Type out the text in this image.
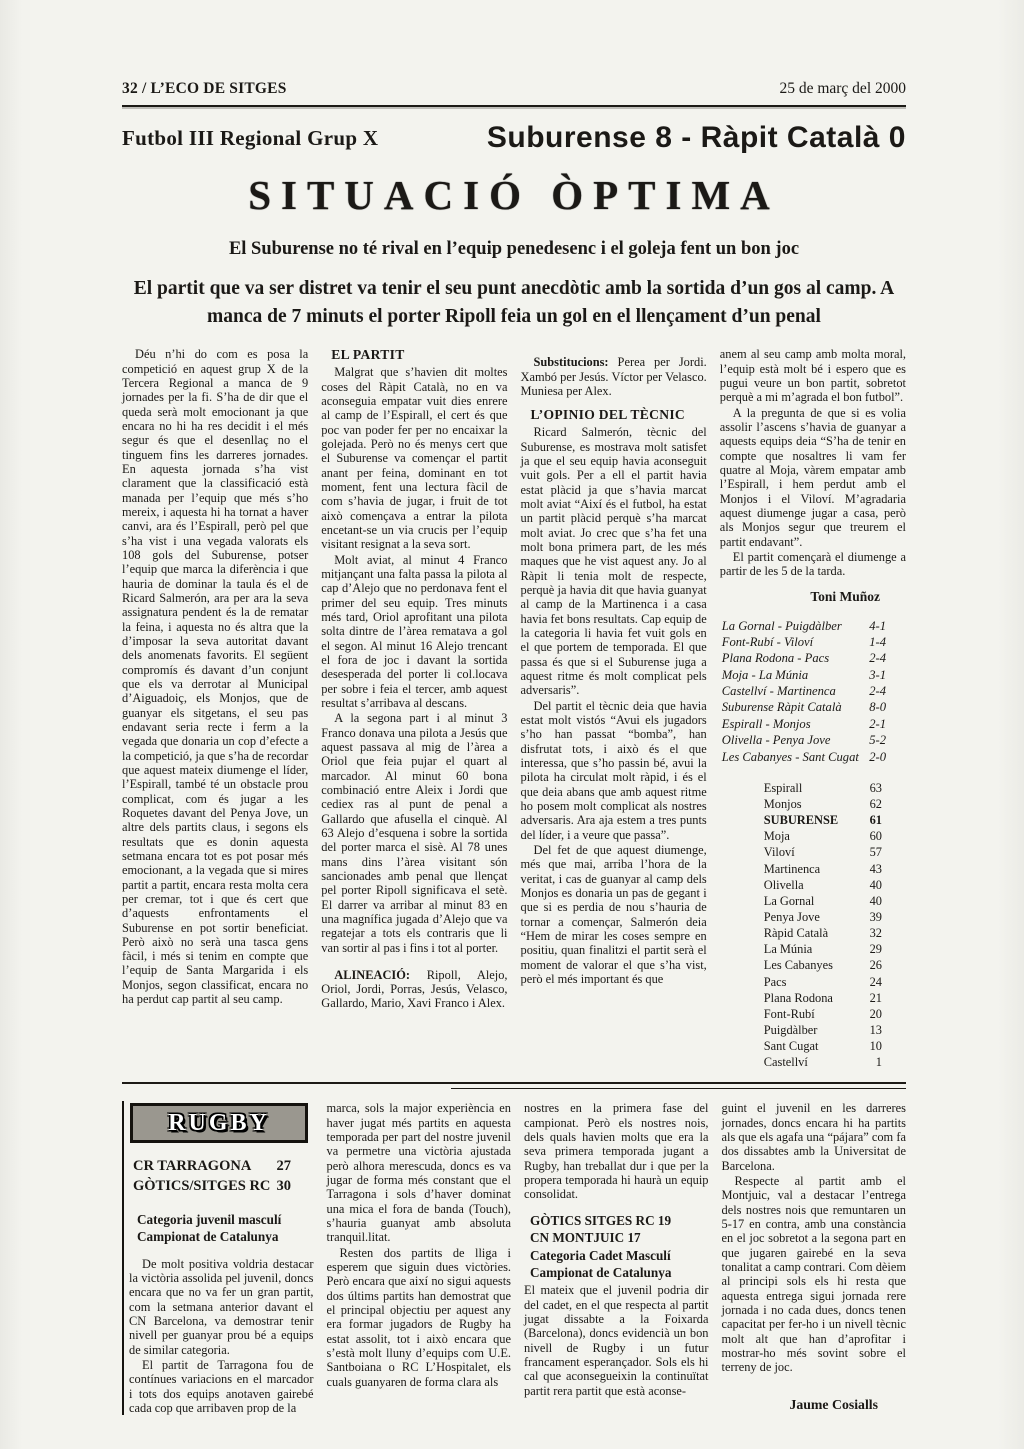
32 / L’ECO DE SITGES	25 de març del 2000
Futbol III Regional Grup X	Suburense 8 - Ràpit Català 0
SITUACIÓ ÒPTIMA

El Suburense no té rival en l’equip penedesenc i el goleja fent un bon joc

El partit que va ser distret va tenir el seu punt anecdòtic amb la sortida d’un gos al camp. A manca de 7 minuts el porter Ripoll feia un gol en el llençament d’un penal

Déu n’hi do com es posa la competició en aquest grup X de la Tercera Regional a manca de 9 jornades per la fi. S’ha de dir que el queda serà molt emocionant ja que encara no hi ha res decidit i el més segur és que el desenllaç no el tinguem fins les darreres jornades. En aquesta jornada s’ha vist clarament que la classificació està manada per l’equip que més s’ho mereix, i aquesta hi ha tornat a haver canvi, ara és l’Espirall, però pel que s’ha vist i una vegada valorats els 108 gols del Suburense, potser l’equip que marca la diferència i que hauria de dominar la taula és el de Ricard Salmerón, ara per ara la seva assignatura pendent és la de rematar la feina, i aquesta no és altra que la d’imposar la seva autoritat davant dels anomenats favorits. El següent compromís és davant d’un conjunt que els va derrotar al Municipal d’Aiguadoiç, els Monjos, que de guanyar els sitgetans, el seu pas endavant seria recte i ferm a la vegada que donaria un cop d’efecte a la competició, ja que s’ha de recordar que aquest mateix diumenge el líder, l’Espirall, també té un obstacle prou complicat, com és jugar a les Roquetes davant del Penya Jove, un altre dels partits claus, i segons els resultats que es donin aquesta setmana encara tot es pot posar més emocionant, a la vegada que si mires partit a partit, encara resta molta cera per cremar, tot i que és cert que d’aquests enfrontaments el Suburense en pot sortir beneficiat. Però això no serà una tasca gens fàcil, i més si tenim en compte que l’equip de Santa Margarida i els Monjos, segon classificat, encara no ha perdut cap partit al seu camp.

EL PARTIT

Malgrat que s’havien dit moltes coses del Ràpit Català, no en va aconseguia empatar vuit dies enrere al camp de l’Espirall, el cert és que poc van poder fer per no encaixar la golejada. Però no és menys cert que el Suburense va començar el partit anant per feina, dominant en tot moment, fent una lectura fàcil de com s’havia de jugar, i fruit de tot això començava a entrar la pilota encetant-se un via crucis per l’equip visitant resignat a la seva sort.

Molt aviat, al minut 4 Franco mitjançant una falta passa la pilota al cap d’Alejo que no perdonava fent el primer del seu equip. Tres minuts més tard, Oriol aprofitant una pilota solta dintre de l’àrea rematava a gol el segon. Al minut 16 Alejo trencant el fora de joc i davant la sortida desesperada del porter li col.locava per sobre i feia el tercer, amb aquest resultat s’arribava al descans.

A la segona part i al minut 3 Franco donava una pilota a Jesús que aquest passava al mig de l’àrea a Oriol que feia pujar el quart al marcador. Al minut 60 bona combinació entre Aleix i Jordi que cediex ras al punt de penal a Gallardo que afusella el cinquè. Al 63 Alejo d’esquena i sobre la sortida del porter marca el sisè. Al 78 unes mans dins l’àrea visitant són sancionades amb penal que llençat pel porter Ripoll significava el setè. El darrer va arribar al minut 83 en una magnífica jugada d’Alejo que va regatejar a tots els contraris que li van sortir al pas i fins i tot al porter.

ALINEACIÓ: Ripoll, Alejo, Oriol, Jordi, Porras, Jesús, Velasco, Gallardo, Mario, Xavi Franco i Alex.

Substitucions: Perea per Jordi. Xambó per Jesús. Víctor per Velasco. Muniesa per Alex.

L’OPINIO DEL TÈCNIC

Ricard Salmerón, tècnic del Suburense, es mostrava molt satisfet ja que el seu equip havia aconseguit vuit gols. Per a ell el partit havia estat plàcid ja que s’havia marcat molt aviat “Així és el futbol, ha estat un partit plàcid perquè s’ha marcat molt aviat. Jo crec que s’ha fet una molt bona primera part, de les més maques que he vist aquest any. Jo al Ràpit li tenia molt de respecte, perquè ja havia dit que havia guanyat al camp de la Martinenca i a casa havia fet bons resultats. Cap equip de la categoria li havia fet vuit gols en el que portem de temporada. El que passa és que si el Suburense juga a aquest ritme és molt complicat pels adversaris”.

Del partit el tècnic deia que havia estat molt vistós “Avui els jugadors s’ho han passat “bomba”, han disfrutat tots, i això és el que interessa, que s’ho passin bé, avui la pilota ha circulat molt ràpid, i és el que deia abans que amb aquest ritme ho posem molt complicat als nostres adversaris. Ara aja estem a tres punts del líder, i a veure que passa”.

Del fet de que aquest diumenge, més que mai, arriba l’hora de la veritat, i cas de guanyar al camp dels Monjos es donaria un pas de gegant i que si es perdia de nou s’hauria de tornar a començar, Salmerón deia “Hem de mirar les coses sempre en positiu, quan finalitzi el partit serà el moment de valorar el que s’ha vist, però el més important és que

anem al seu camp amb molta moral, l’equip està molt bé i espero que es pugui veure un bon partit, sobretot perquè a mi m’agrada el bon futbol”.

A la pregunta de que si es volia assolir l’ascens s’havia de guanyar a aquests equips deia “S’ha de tenir en compte que nosaltres li vam fer quatre al Moja, vàrem empatar amb l’Espirall, i hem perdut amb el Monjos i el Viloví. M’agradaria aquest diumenge jugar a casa, però als Monjos segur que treurem el partit endavant”.

El partit començarà el diumenge a partir de les 5 de la tarda.

Toni Muñoz
La Gornal - Puigdàlber 4-1
Font-Rubí - Viloví	1-4
Plana Rodona - Pacs	2-4
Moja - La Múnia	3-1
Castellví - Martinenca	2-4
Suburense Ràpit Català 8-0
Espirall - Monjos	2-1
Olivella - Penya Jove	5-2
Les Cabanyes - Sant Cugat 2-0
Espirall	63
Monjos	62
SUBURENSE	61
Moja	60
Viloví	57
Martinenca	43
Olivella	40
La Gornal	40
Penya Jove	39
Ràpid Català	32
La Múnia	29
Les Cabanyes	26
Pacs	24
Plana Rodona	21
Font-Rubí	20
Puigdàlber	13
Sant Cugat	10
Castellví	1
RUGBY
CR TARRAGONA 27
GÒTICS/SITGES RC 30
Categoria juvenil masculí
Campionat de Catalunya

De molt positiva voldria destacar la victòria assolida pel juvenil, doncs encara que no va fer un gran partit, com la setmana anterior davant el CN Barcelona, va demostrar tenir nivell per guanyar prou bé a equips de similar categoria.

El partit de Tarragona fou de contínues variacions en el marcador i tots dos equips anotaven gairebé cada cop que arribaven prop de la

marca, sols la major experiència en haver jugat més partits en aquesta temporada per part del nostre juvenil va permetre una victòria ajustada però alhora merescuda, doncs es va jugar de forma més constant que el Tarragona i sols d’haver dominat una mica el fora de banda (Touch), s’hauria guanyat amb absoluta tranquil.litat.

Resten dos partits de lliga i esperem que siguin dues victòries. Però encara que així no sigui aquests dos últims partits han demostrat que el principal objectiu per aquest any era formar jugadors de Rugby ha estat assolit, tot i això encara que s’està molt lluny d’equips com U.E. Santboiana o RC L’Hospitalet, els cuals guanyaren de forma clara als

nostres en la primera fase del campionat. Però els nostres nois, dels quals havien molts que era la seva primera temporada jugant a Rugby, han treballat dur i que per la propera temporada hi haurà un equip consolidat.

GÒTICS SITGES RC 19
CN MONTJUIC 17
Categoria Cadet Masculí
Campionat de Catalunya

El mateix que el juvenil podria dir del cadet, en el que respecta al partit jugat dissabte a la Foixarda (Barcelona), doncs evidencià un bon nivell de Rugby i un futur francament esperançador. Sols els hi cal que aconsegueixin la continuïtat partit rera partit que està aconse-

guint el juvenil en les darreres jornades, doncs encara hi ha partits als que els agafa una “pájara” com fa dos dissabtes amb la Universitat de Barcelona.

Respecte al partit amb el Montjuic, val a destacar l’entrega dels nostres nois que remuntaren un 5-17 en contra, amb una constància en el joc sobretot a la segona part en que jugaren gairebé en la seva tonalitat a camp contrari. Com dèiem al principi sols els hi resta que aquesta entrega sigui jornada rere jornada i no cada dues, doncs tenen capacitat per fer-ho i un nivell tècnic molt alt que han d’aprofitar i mostrar-ho més sovint sobre el terreny de joc.

Jaume Cosialls
